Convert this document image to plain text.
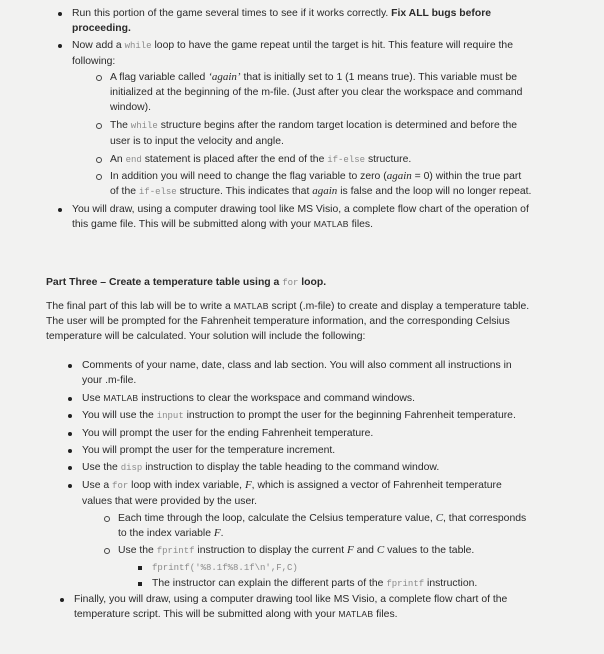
Run this portion of the game several times to see if it works correctly. Fix ALL bugs before proceeding.
Now add a while loop to have the game repeat until the target is hit. This feature will require the following:
A flag variable called ‘again’ that is initially set to 1 (1 means true). This variable must be initialized at the beginning of the m-file. (Just after you clear the workspace and command window).
The while structure begins after the random target location is determined and before the user is to input the velocity and angle.
An end statement is placed after the end of the if-else structure.
In addition you will need to change the flag variable to zero (again = 0) within the true part of the if-else structure. This indicates that again is false and the loop will no longer repeat.
You will draw, using a computer drawing tool like MS Visio, a complete flow chart of the operation of this game file. This will be submitted along with your MATLAB files.
Part Three – Create a temperature table using a for loop.
The final part of this lab will be to write a MATLAB script (.m-file) to create and display a temperature table. The user will be prompted for the Fahrenheit temperature information, and the corresponding Celsius temperature will be calculated. Your solution will include the following:
Comments of your name, date, class and lab section. You will also comment all instructions in your .m-file.
Use MATLAB instructions to clear the workspace and command windows.
You will use the input instruction to prompt the user for the beginning Fahrenheit temperature.
You will prompt the user for the ending Fahrenheit temperature.
You will prompt the user for the temperature increment.
Use the disp instruction to display the table heading to the command window.
Use a for loop with index variable, F, which is assigned a vector of Fahrenheit temperature values that were provided by the user.
Each time through the loop, calculate the Celsius temperature value, C, that corresponds to the index variable F.
Use the fprintf instruction to display the current F and C values to the table.
fprintf('%8.1f%8.1f\n',F,C)
The instructor can explain the different parts of the fprintf instruction.
Finally, you will draw, using a computer drawing tool like MS Visio, a complete flow chart of the temperature script. This will be submitted along with your MATLAB files.
